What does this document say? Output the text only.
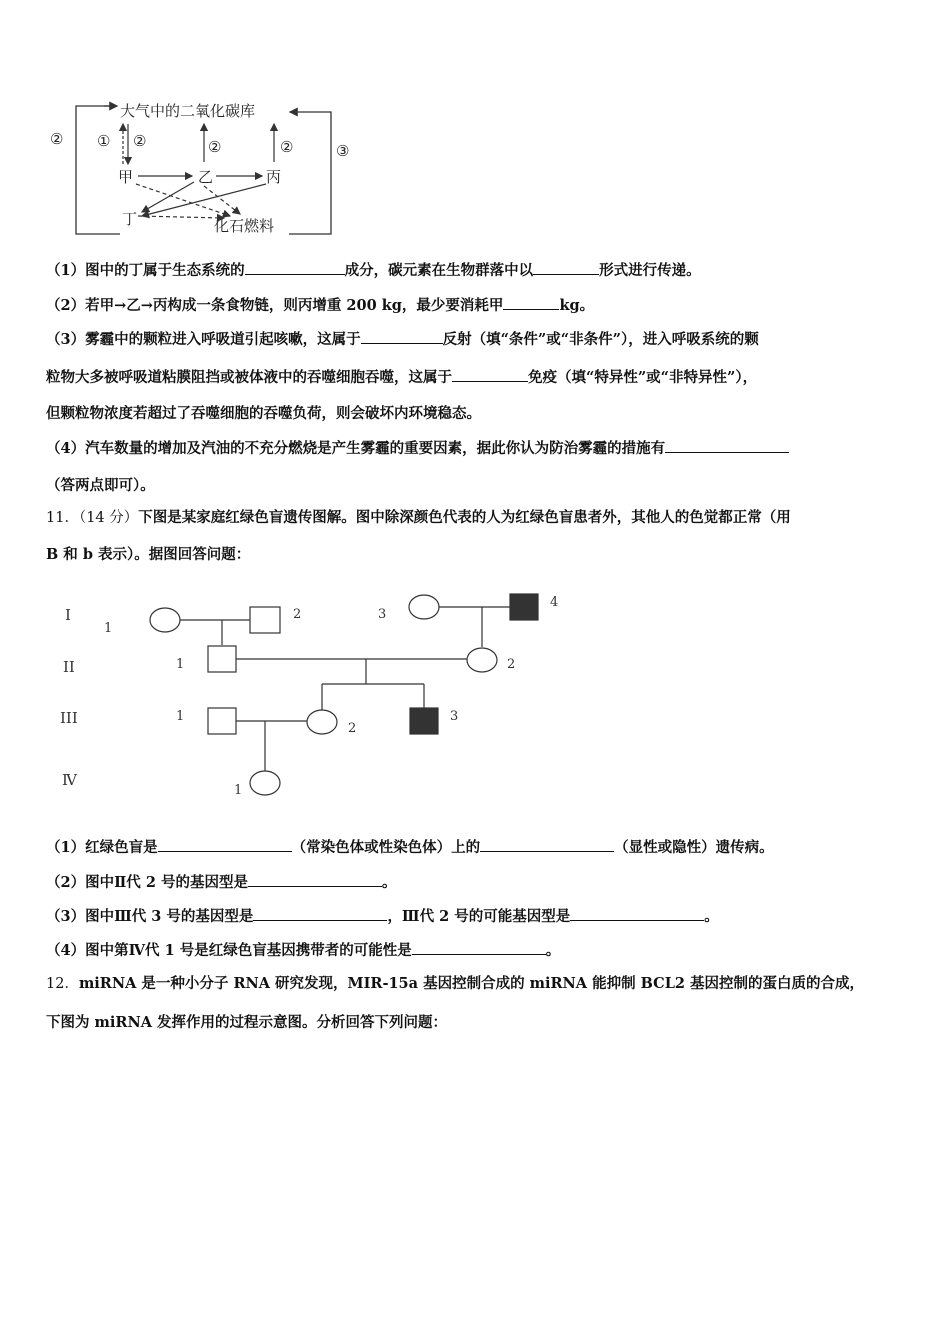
大气中的二氧化碳库
②
③
① ②	②	②
甲	乙	丙
丁	化石燃料
（1）图中的丁属于生态系统的	成分，碳元素在生物群落中以	形式进行传递。
（2）若甲→乙→丙构成一条食物链，则丙增重 200 kg，最少要消耗甲	kg。
（3）雾霾中的颗粒进入呼吸道引起咳嗽，这属于	反射（填“条件”或“非条件”），进入呼吸系统的颗
粒物大多被呼吸道粘膜阻挡或被体液中的吞噬细胞吞噬，这属于	免疫（填“特异性”或“非特异性”），
但颗粒物浓度若超过了吞噬细胞的吞噬负荷，则会破坏内环境稳态。
（4）汽车数量的增加及汽油的不充分燃烧是产生雾霾的重要因素，据此你认为防治雾霾的措施有
（答两点即可）。
11．（14 分）下图是某家庭红绿色盲遗传图解。图中除深颜色代表的人为红绿色盲患者外，其他人的色觉都正常（用
B 和 b 表示）。据图回答问题：
I
II
III
Ⅳ
1
2	3
4
1	2
1
2
3
1
（1）红绿色盲是	（常染色体或性染色体）上的	（显性或隐性）遗传病。
（2）图中Ⅱ代 2 号的基因型是	。
（3）图中Ⅲ代 3 号的基因型是	，Ⅲ代 2 号的可能基因型是	。
（4）图中第Ⅳ代 1 号是红绿色盲基因携带者的可能性是	。
12．miRNA 是一种小分子 RNA 研究发现，MIR-15a 基因控制合成的 miRNA 能抑制 BCL2 基因控制的蛋白质的合成，
下图为 miRNA 发挥作用的过程示意图。分析回答下列问题：
